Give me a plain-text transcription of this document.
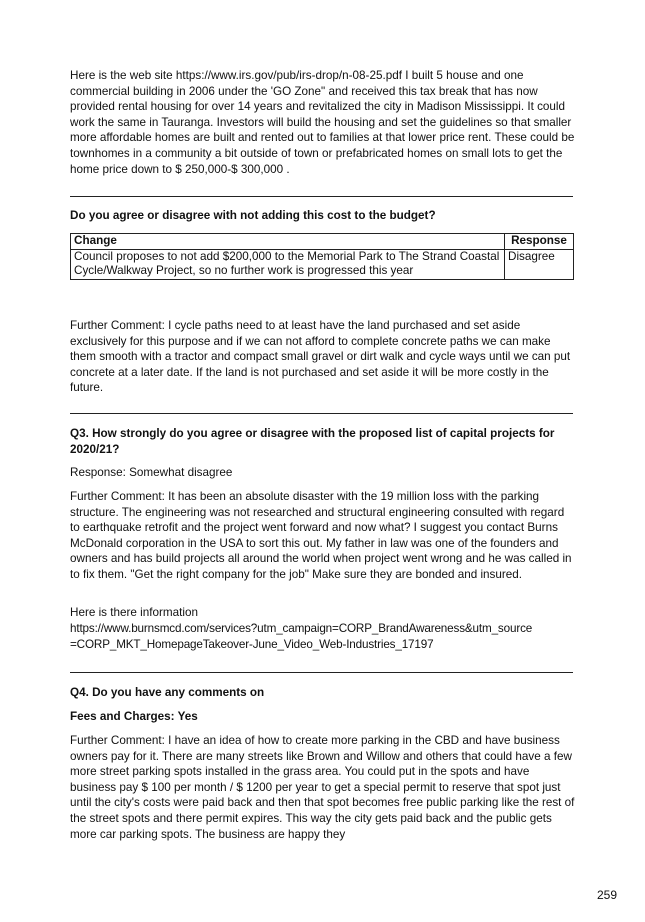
Here is the web site https://www.irs.gov/pub/irs-drop/n-08-25.pdf I built 5 house and one commercial building in 2006 under the 'GO Zone" and received this tax break that has now provided rental housing for over 14 years and revitalized the city in Madison Mississippi. It could work the same in Tauranga. Investors will build the housing and set the guidelines so that smaller more affordable homes are built and rented out to families at that lower price rent. These could be townhomes in a community a bit outside of town or prefabricated homes on small lots to get the home price down to $ 250,000-$ 300,000 .

Do you agree or disagree with not adding this cost to the budget?

Change	Response
Council proposes to not add $200,000 to the Memorial Park to The Strand Coastal Cycle/Walkway Project, so no further work is progressed this year	Disagree

Further Comment: I cycle paths need to at least have the land purchased and set aside exclusively for this purpose and if we can not afford to complete concrete paths we can make them smooth with a tractor and compact small gravel or dirt walk and cycle ways until we can put concrete at a later date. If the land is not purchased and set aside it will be more costly in the future.

Q3. How strongly do you agree or disagree with the proposed list of capital projects for 2020/21?

Response: Somewhat disagree

Further Comment: It has been an absolute disaster with the 19 million loss with the parking structure. The engineering was not researched and structural engineering consulted with regard to earthquake retrofit and the project went forward and now what? I suggest you contact Burns McDonald corporation in the USA to sort this out. My father in law was one of the founders and owners and has build projects all around the world when project went wrong and he was called in to fix them. "Get the right company for the job" Make sure they are bonded and insured.

Here is there information

https://www.burnsmcd.com/services?utm_campaign=CORP_BrandAwareness&utm_source =CORP_MKT_HomepageTakeover-June_Video_Web-Industries_17197

Q4. Do you have any comments on

Fees and Charges: Yes

Further Comment: I have an idea of how to create more parking in the CBD and have business owners pay for it. There are many streets like Brown and Willow and others that could have a few more street parking spots installed in the grass area. You could put in the spots and have business pay $ 100 per month / $ 1200 per year to get a special permit to reserve that spot just until the city's costs were paid back and then that spot becomes free public parking like the rest of the street spots and there permit expires. This way the city gets paid back and the public gets more car parking spots. The business are happy they

259
